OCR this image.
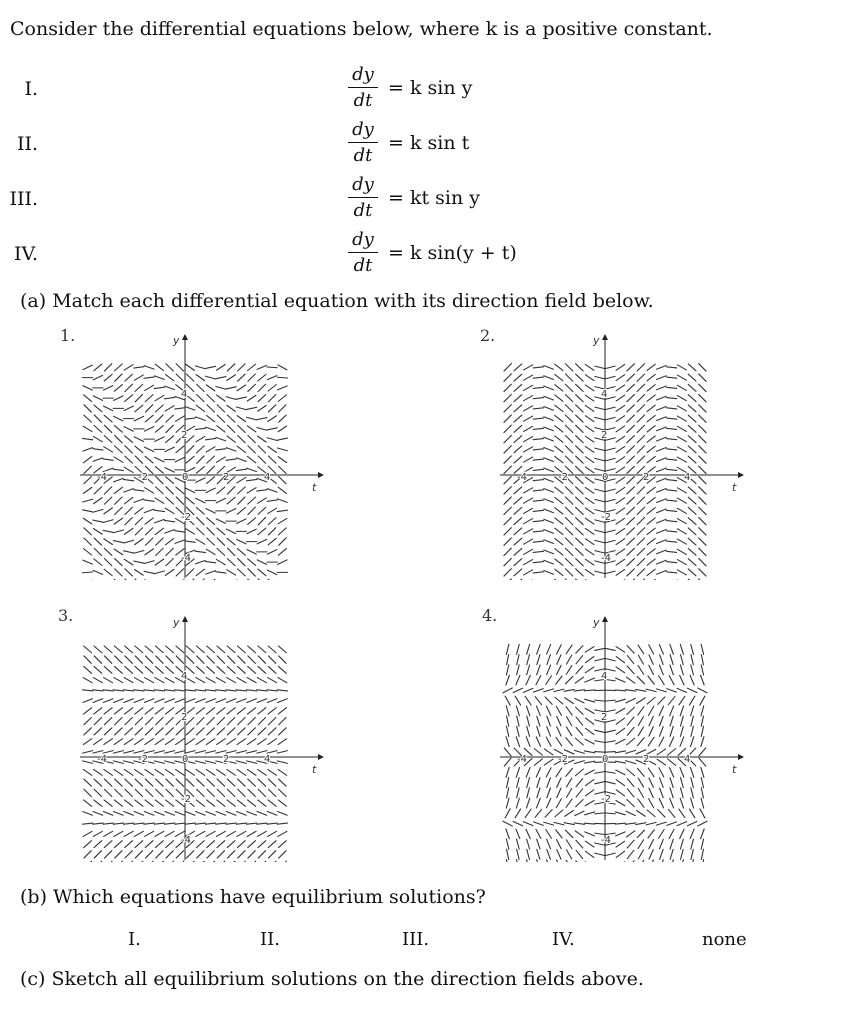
Consider the differential equations below, where k is a positive constant.
I.
dy
dt
= k sin y
II.
dy
dt
= k sin t
III.
dy
dt
= kt sin y
IV.
dy
dt
= k sin(y + t)
(a) Match each differential equation with its direction field below.
1.	y
t
-4
-4
-2
-2
0	2
2
4
4
2.	y
t
-4
-4
-2
-2
0	2
2
4
4
3.	y
t
-4
-4
-2
-2
0	2
2
4
4
4.	y
t
-4
-4
-2
-2
0	2
2
4
4
(b) Which equations have equilibrium solutions?
I.	II.	III.	IV.	none
(c) Sketch all equilibrium solutions on the direction fields above.
